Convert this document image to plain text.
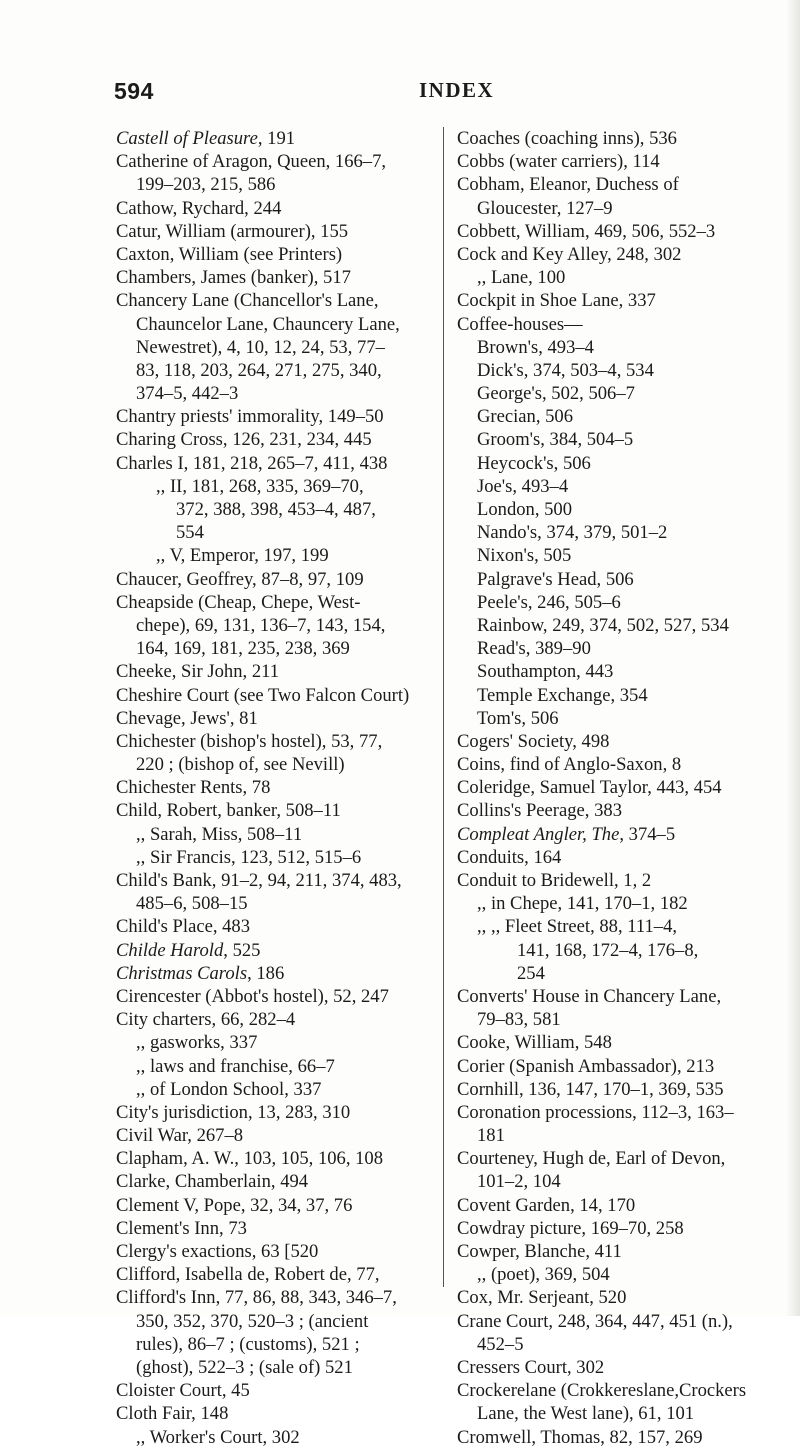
594	INDEX
Castell of Pleasure, 191
Catherine of Aragon, Queen, 166–7,
199–203, 215, 586
Cathow, Rychard, 244
Catur, William (armourer), 155
Caxton, William (see Printers)
Chambers, James (banker), 517
Chancery Lane (Chancellor's Lane,
Chauncelor Lane, Chauncery Lane,
Newestret), 4, 10, 12, 24, 53, 77–
83, 118, 203, 264, 271, 275, 340,
374–5, 442–3
Chantry priests' immorality, 149–50
Charing Cross, 126, 231, 234, 445
Charles I, 181, 218, 265–7, 411, 438
,, II, 181, 268, 335, 369–70,
372, 388, 398, 453–4, 487,
554
,, V, Emperor, 197, 199
Chaucer, Geoffrey, 87–8, 97, 109
Cheapside (Cheap, Chepe, West-
chepe), 69, 131, 136–7, 143, 154,
164, 169, 181, 235, 238, 369
Cheeke, Sir John, 211
Cheshire Court (see Two Falcon Court)
Chevage, Jews', 81
Chichester (bishop's hostel), 53, 77,
220 ; (bishop of, see Nevill)
Chichester Rents, 78
Child, Robert, banker, 508–11
,, Sarah, Miss, 508–11
,, Sir Francis, 123, 512, 515–6
Child's Bank, 91–2, 94, 211, 374, 483,
485–6, 508–15
Child's Place, 483
Childe Harold, 525
Christmas Carols, 186
Cirencester (Abbot's hostel), 52, 247
City charters, 66, 282–4
,, gasworks, 337
,, laws and franchise, 66–7
,, of London School, 337
City's jurisdiction, 13, 283, 310
Civil War, 267–8
Clapham, A. W., 103, 105, 106, 108
Clarke, Chamberlain, 494
Clement V, Pope, 32, 34, 37, 76
Clement's Inn, 73
Clergy's exactions, 63 [520
Clifford, Isabella de, Robert de, 77,
Clifford's Inn, 77, 86, 88, 343, 346–7,
350, 352, 370, 520–3 ; (ancient
rules), 86–7 ; (customs), 521 ;
(ghost), 522–3 ; (sale of) 521
Cloister Court, 45
Cloth Fair, 148
,, Worker's Court, 302
Coaches (coaching inns), 536
Cobbs (water carriers), 114
Cobham, Eleanor, Duchess of
Gloucester, 127–9
Cobbett, William, 469, 506, 552–3
Cock and Key Alley, 248, 302
,, Lane, 100
Cockpit in Shoe Lane, 337
Coffee-houses—
Brown's, 493–4
Dick's, 374, 503–4, 534
George's, 502, 506–7
Grecian, 506
Groom's, 384, 504–5
Heycock's, 506
Joe's, 493–4
London, 500
Nando's, 374, 379, 501–2
Nixon's, 505
Palgrave's Head, 506
Peele's, 246, 505–6
Rainbow, 249, 374, 502, 527, 534
Read's, 389–90
Southampton, 443
Temple Exchange, 354
Tom's, 506
Cogers' Society, 498
Coins, find of Anglo-Saxon, 8
Coleridge, Samuel Taylor, 443, 454
Collins's Peerage, 383
Compleat Angler, The, 374–5
Conduits, 164
Conduit to Bridewell, 1, 2
,, in Chepe, 141, 170–1, 182
,, ,, Fleet Street, 88, 111–4,
141, 168, 172–4, 176–8,
254
Converts' House in Chancery Lane,
79–83, 581
Cooke, William, 548
Corier (Spanish Ambassador), 213
Cornhill, 136, 147, 170–1, 369, 535
Coronation processions, 112–3, 163–
181
Courteney, Hugh de, Earl of Devon,
101–2, 104
Covent Garden, 14, 170
Cowdray picture, 169–70, 258
Cowper, Blanche, 411
,, (poet), 369, 504
Cox, Mr. Serjeant, 520
Crane Court, 248, 364, 447, 451 (n.),
452–5
Cressers Court, 302
Crockerelane (Crokkereslane,Crockers
Lane, the West lane), 61, 101
Cromwell, Thomas, 82, 157, 269
